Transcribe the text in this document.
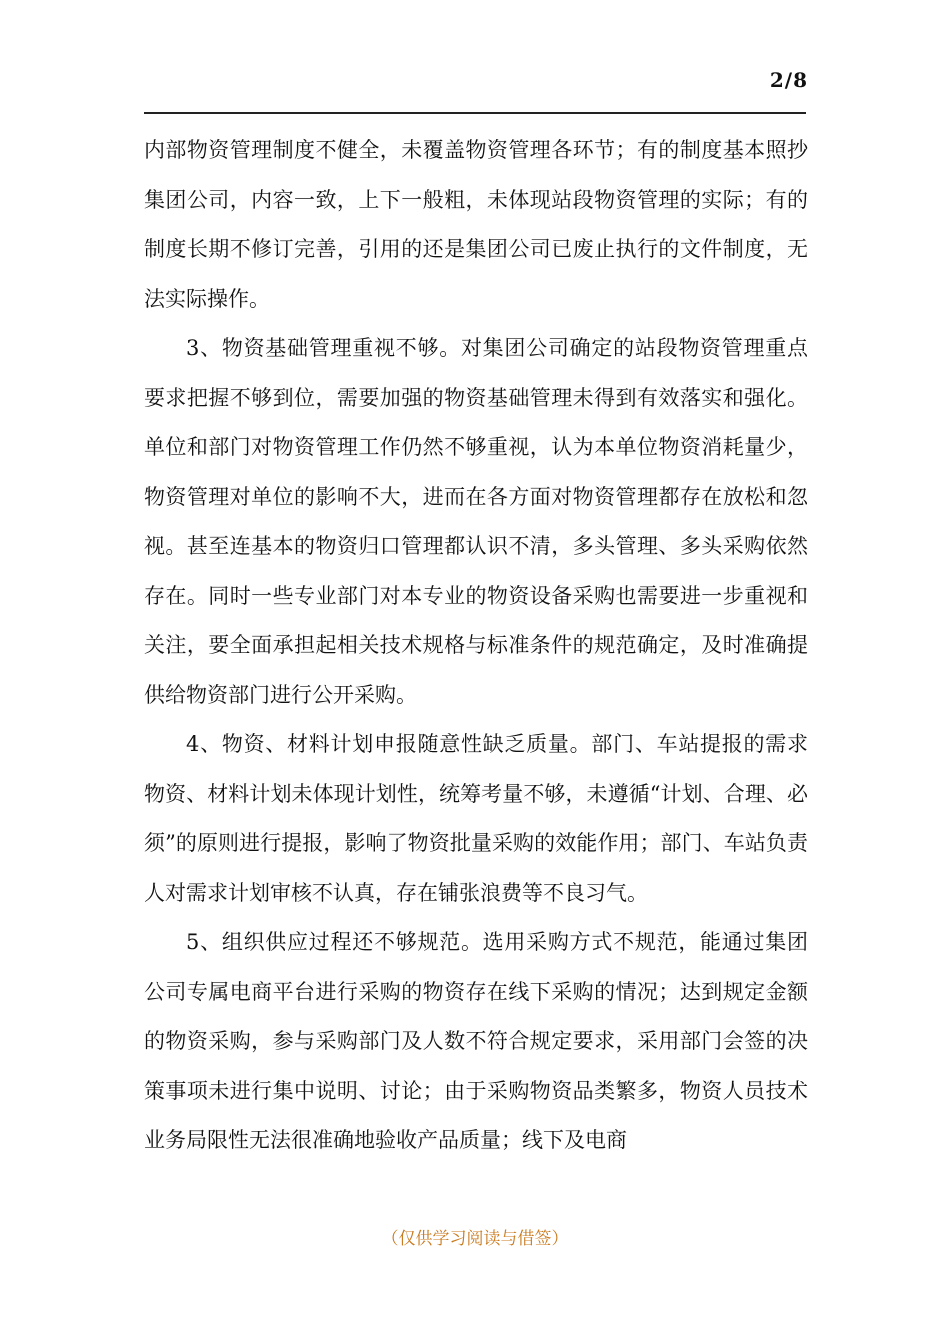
2/8

内部物资管理制度不健全，未覆盖物资管理各环节；有的制度基本照抄集团公司，内容一致，上下一般粗，未体现站段物资管理的实际；有的制度长期不修订完善，引用的还是集团公司已废止执行的文件制度，无法实际操作。

3、物资基础管理重视不够。对集团公司确定的站段物资管理重点要求把握不够到位，需要加强的物资基础管理未得到有效落实和强化。单位和部门对物资管理工作仍然不够重视，认为本单位物资消耗量少，物资管理对单位的影响不大，进而在各方面对物资管理都存在放松和忽视。甚至连基本的物资归口管理都认识不清，多头管理、多头采购依然存在。同时一些专业部门对本专业的物资设备采购也需要进一步重视和关注，要全面承担起相关技术规格与标准条件的规范确定，及时准确提供给物资部门进行公开采购。

4、物资、材料计划申报随意性缺乏质量。部门、车站提报的需求物资、材料计划未体现计划性，统筹考量不够，未遵循“计划、合理、必须”的原则进行提报，影响了物资批量采购的效能作用；部门、车站负责人对需求计划审核不认真，存在铺张浪费等不良习气。

5、组织供应过程还不够规范。选用采购方式不规范，能通过集团公司专属电商平台进行采购的物资存在线下采购的情况；达到规定金额的物资采购，参与采购部门及人数不符合规定要求，采用部门会签的决策事项未进行集中说明、讨论；由于采购物资品类繁多，物资人员技术业务局限性无法很准确地验收产品质量；线下及电商

（仅供学习阅读与借签）
